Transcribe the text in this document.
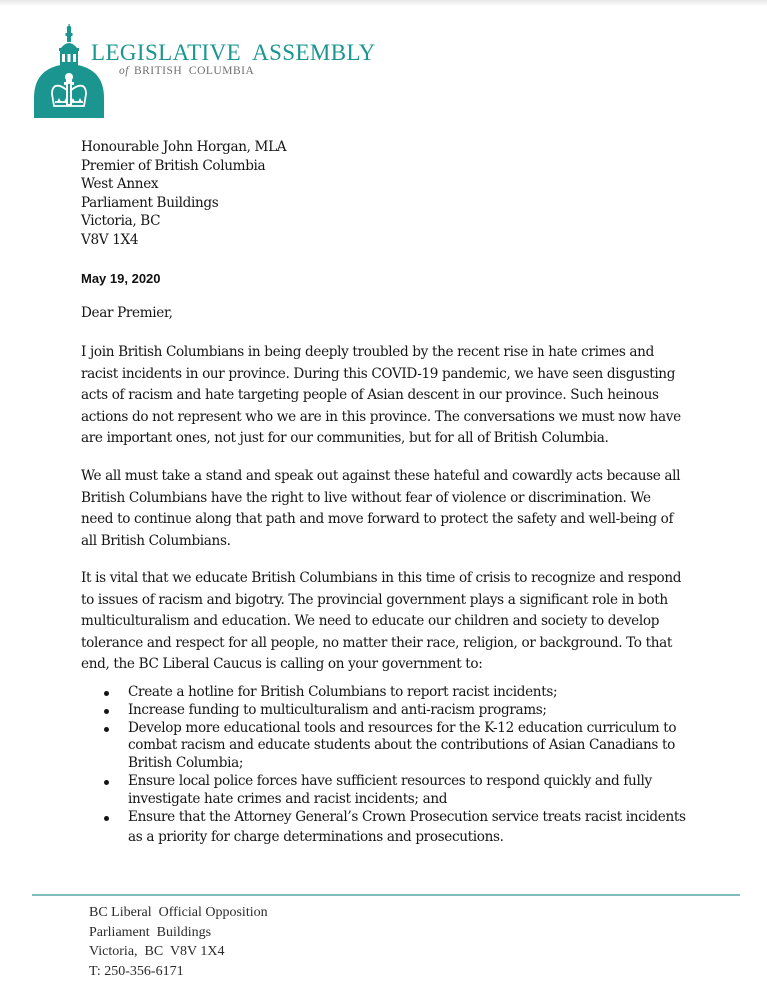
LEGISLATIVE  ASSEMBLY
of BRITISH  COLUMBIA
Honourable John Horgan, MLA
Premier of British Columbia
West Annex
Parliament Buildings
Victoria, BC
V8V 1X4
May 19, 2020
Dear Premier,

I join British Columbians in being deeply troubled by the recent rise in hate crimes and
racist incidents in our province. During this COVID-19 pandemic, we have seen disgusting
acts of racism and hate targeting people of Asian descent in our province. Such heinous
actions do not represent who we are in this province. The conversations we must now have
are important ones, not just for our communities, but for all of British Columbia.

We all must take a stand and speak out against these hateful and cowardly acts because all
British Columbians have the right to live without fear of violence or discrimination. We
need to continue along that path and move forward to protect the safety and well-being of
all British Columbians.

It is vital that we educate British Columbians in this time of crisis to recognize and respond
to issues of racism and bigotry. The provincial government plays a significant role in both
multiculturalism and education. We need to educate our children and society to develop
tolerance and respect for all people, no matter their race, religion, or background. To that
end, the BC Liberal Caucus is calling on your government to:

Create a hotline for British Columbians to report racist incidents;
Increase funding to multiculturalism and anti-racism programs;
Develop more educational tools and resources for the K-12 education curriculum to
combat racism and educate students about the contributions of Asian Canadians to
British Columbia;
Ensure local police forces have sufficient resources to respond quickly and fully
investigate hate crimes and racist incidents; and
Ensure that the Attorney General’s Crown Prosecution service treats racist incidents
as a priority for charge determinations and prosecutions.
BC Liberal  Official Opposition
Parliament  Buildings
Victoria,  BC  V8V 1X4
T: 250-356-6171
